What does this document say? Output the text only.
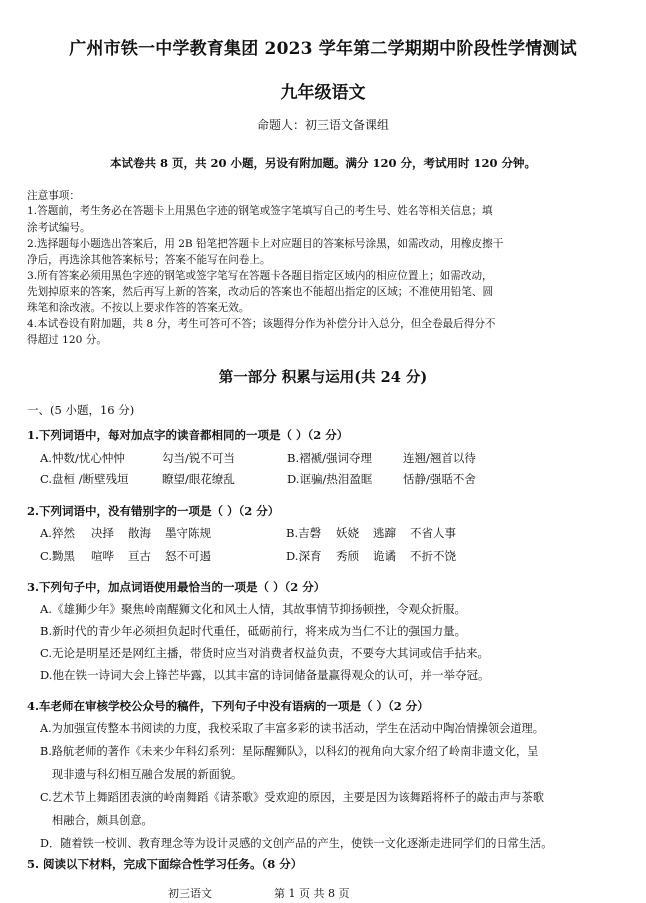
广州市铁一中学教育集团 2023 学年第二学期期中阶段性学情测试
九年级语文
命题人：初三语文备课组
本试卷共 8 页，共 20 小题，另设有附加题。满分 120 分，考试用时 120 分钟。
注意事项：
1.答题前，考生务必在答题卡上用黑色字迹的钢笔或签字笔填写自己的考生号、姓名等相关信息；填
涂考试编号。
2.选择题每小题选出答案后，用 2B 铅笔把答题卡上对应题目的答案标号涂黑，如需改动，用橡皮擦干
净后，再选涂其他答案标号；答案不能写在问卷上。
3.所有答案必须用黑色字迹的钢笔或签字笔写在答题卡各题目指定区域内的相应位置上；如需改动，
先划掉原来的答案，然后再写上新的答案，改动后的答案也不能超出指定的区域；不准使用铅笔、圆
珠笔和涂改液。不按以上要求作答的答案无效。
4.本试卷设有附加题，共 8 分，考生可答可不答；该题得分作为补偿分计入总分，但全卷最后得分不
得超过 120 分。
第一部分 积累与运用(共 24 分)
一、(5 小题，16 分)
1.下列词语中，每对加点字的读音都相同的一项是（ ）（2 分）
A.忡数/忧心忡忡	勾当/锐不可当	B.褶褫/强词夺理	连翘/翘首以待
C.盘桓 /断壁残垣	瞭望/眼花缭乱	D.诓骗/热泪盈眶	恬静/强聒不舍
2.下列词语中，没有错别字的一项是（ ）（2 分）
A.猝然 决择 散海 墨守陈规	B.吉磬 妖娆 逃蹿 不省人事
C.黝黑 喧哗 亘古 怒不可遏	D.深育 秀颀 诡谲 不折不饶
3.下列句子中，加点词语使用最恰当的一项是（ ）（2 分）
A.《雄狮少年》聚焦岭南醒狮文化和风土人情，其故事情节抑扬顿挫，令观众折服。
B.新时代的青少年必须担负起时代重任，砥砺前行，将来成为当仁不让的强国力量。
C.无论是明星还是网红主播，带货时应当对消费者权益负责，不要夸大其词或信手拈来。
D.他在铁一诗词大会上锋芒毕露，以其丰富的诗词储备量赢得观众的认可，并一举夺冠。
4.车老师在审核学校公众号的稿件，下列句子中没有语病的一项是（ ）（2 分）
A.为加强宣传整本书阅读的力度，我校采取了丰富多彩的读书活动，学生在活动中陶冶情操领会道理。
B.路航老师的著作《未来少年科幻系列：星际醒狮队》，以科幻的视角向大家介绍了岭南非遗文化，呈
现非遗与科幻相互融合发展的新面貌。
C.艺术节上舞蹈团表演的岭南舞蹈《请茶歌》受欢迎的原因，主要是因为该舞蹈将杯子的敲击声与茶歌
相融合，颇具创意。
D．随着铁一校训、教育理念等为设计灵感的文创产品的产生，使铁一文化逐渐走进同学们的日常生活。
5. 阅读以下材料，完成下面综合性学习任务。（8 分）
初三语文	第 1 页 共 8 页
